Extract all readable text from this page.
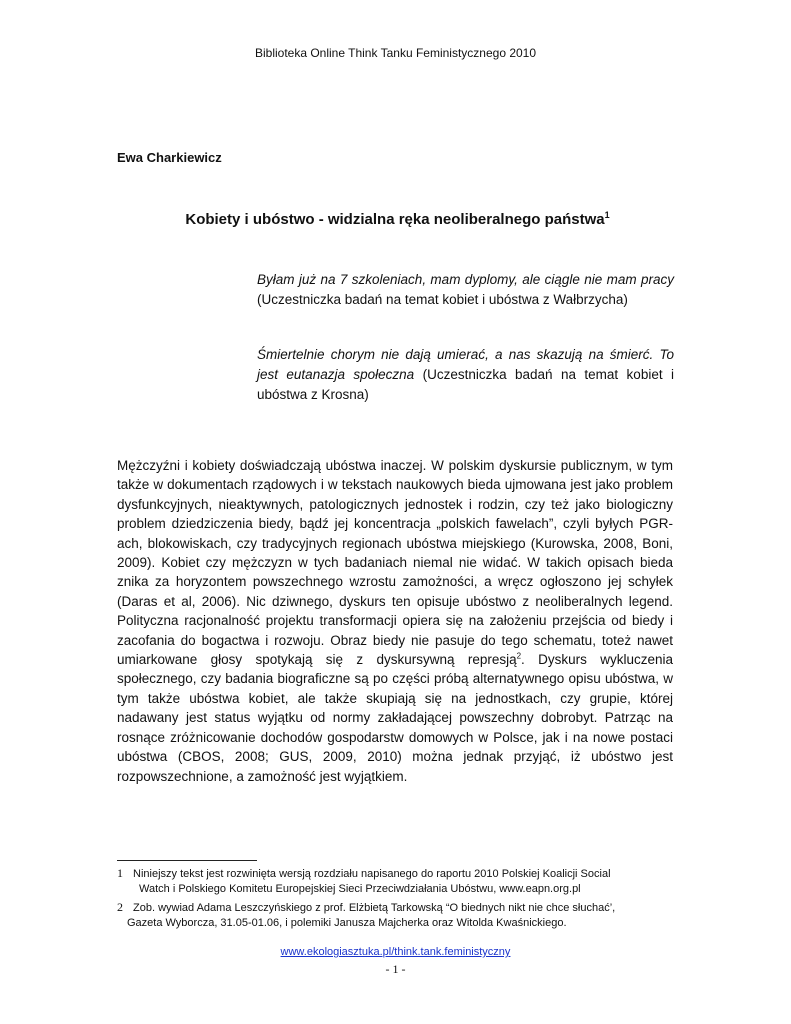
Biblioteka Online Think Tanku Feministycznego 2010
Ewa Charkiewicz
Kobiety i ubóstwo - widzialna ręka neoliberalnego państwa$^1$
Byłam już na 7 szkoleniach, mam dyplomy, ale ciągle nie mam pracy (Uczestniczka badań na temat kobiet i ubóstwa z Wałbrzycha)
Śmiertelnie chorym nie dają umierać, a nas skazują na śmierć. To jest eutanazja społeczna (Uczestniczka badań na temat kobiet i ubóstwa z Krosna)
Mężczyźni i kobiety doświadczają ubóstwa inaczej. W polskim dyskursie publicznym, w tym także w dokumentach rządowych i w tekstach naukowych bieda ujmowana jest jako problem dysfunkcyjnych, nieaktywnych, patologicznych jednostek i rodzin, czy też jako biologiczny problem dziedziczenia biedy, bądź jej koncentracja „polskich fawelach”, czyli byłych PGR-ach, blokowiskach, czy tradycyjnych regionach ubóstwa miejskiego (Kurowska, 2008, Boni, 2009). Kobiet czy mężczyzn w tych badaniach niemal nie widać. W takich opisach bieda znika za horyzontem powszechnego wzrostu zamożności, a wręcz ogłoszono jej schyłek (Daras et al, 2006). Nic dziwnego, dyskurs ten opisuje ubóstwo z neoliberalnych legend. Polityczna racjonalność projektu transformacji opiera się na założeniu przejścia od biedy i zacofania do bogactwa i rozwoju. Obraz biedy nie pasuje do tego schematu, toteż nawet umiarkowane głosy spotykają się z dyskursywną represją$^2$. Dyskurs wykluczenia społecznego, czy badania biograficzne są po części próbą alternatywnego opisu ubóstwa, w tym także ubóstwa kobiet, ale także skupiają się na jednostkach, czy grupie, której nadawany jest status wyjątku od normy zakładającej powszechny dobrobyt. Patrząc na rosnące zróżnicowanie dochodów gospodarstw domowych w Polsce, jak i na nowe postaci ubóstwa (CBOS, 2008; GUS, 2009, 2010) można jednak przyjąć, iż ubóstwo jest rozpowszechnione, a zamożność jest wyjątkiem.
1 Niniejszy tekst jest rozwinięta wersją rozdziału napisanego do raportu 2010 Polskiej Koalicji Social
Watch i Polskiego Komitetu Europejskiej Sieci Przeciwdziałania Ubóstwu, www.eapn.org.pl
2 Zob. wywiad Adama Leszczyńskiego z prof. Elżbietą Tarkowską “O biednych nikt nie chce słuchać’,
Gazeta Wyborcza, 31.05-01.06, i polemiki Janusza Majcherka oraz Witolda Kwaśnickiego.
www.ekologiasztuka.pl/think.tank.feministyczny
- 1 -
